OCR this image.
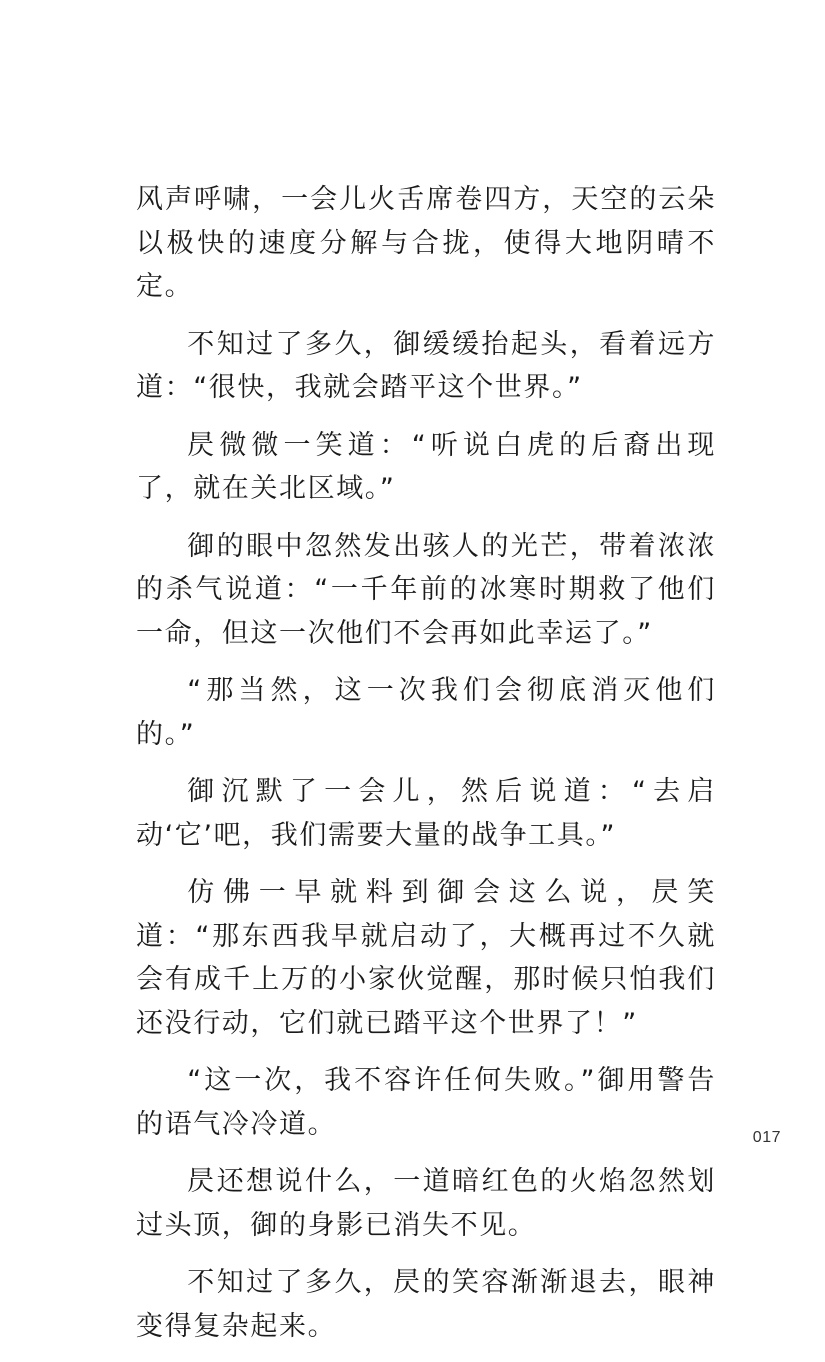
风声呼啸，一会儿火舌席卷四方，天空的云朵以极快的速度分解与合拢，使得大地阴晴不定。

不知过了多久，御缓缓抬起头，看着远方道：“很快，我就会踏平这个世界。”

昃微微一笑道：“听说白虎的后裔出现了，就在关北区域。”

御的眼中忽然发出骇人的光芒，带着浓浓的杀气说道：“一千年前的冰寒时期救了他们一命，但这一次他们不会再如此幸运了。”

“那当然，这一次我们会彻底消灭他们的。”

御沉默了一会儿，然后说道：“去启动‘它’吧，我们需要大量的战争工具。”

仿佛一早就料到御会这么说，昃笑道：“那东西我早就启动了，大概再过不久就会有成千上万的小家伙觉醒，那时候只怕我们还没行动，它们就已踏平这个世界了！”

“这一次，我不容许任何失败。”御用警告的语气冷冷道。

昃还想说什么，一道暗红色的火焰忽然划过头顶，御的身影已消失不见。

不知过了多久，昃的笑容渐渐退去，眼神变得复杂起来。

017
